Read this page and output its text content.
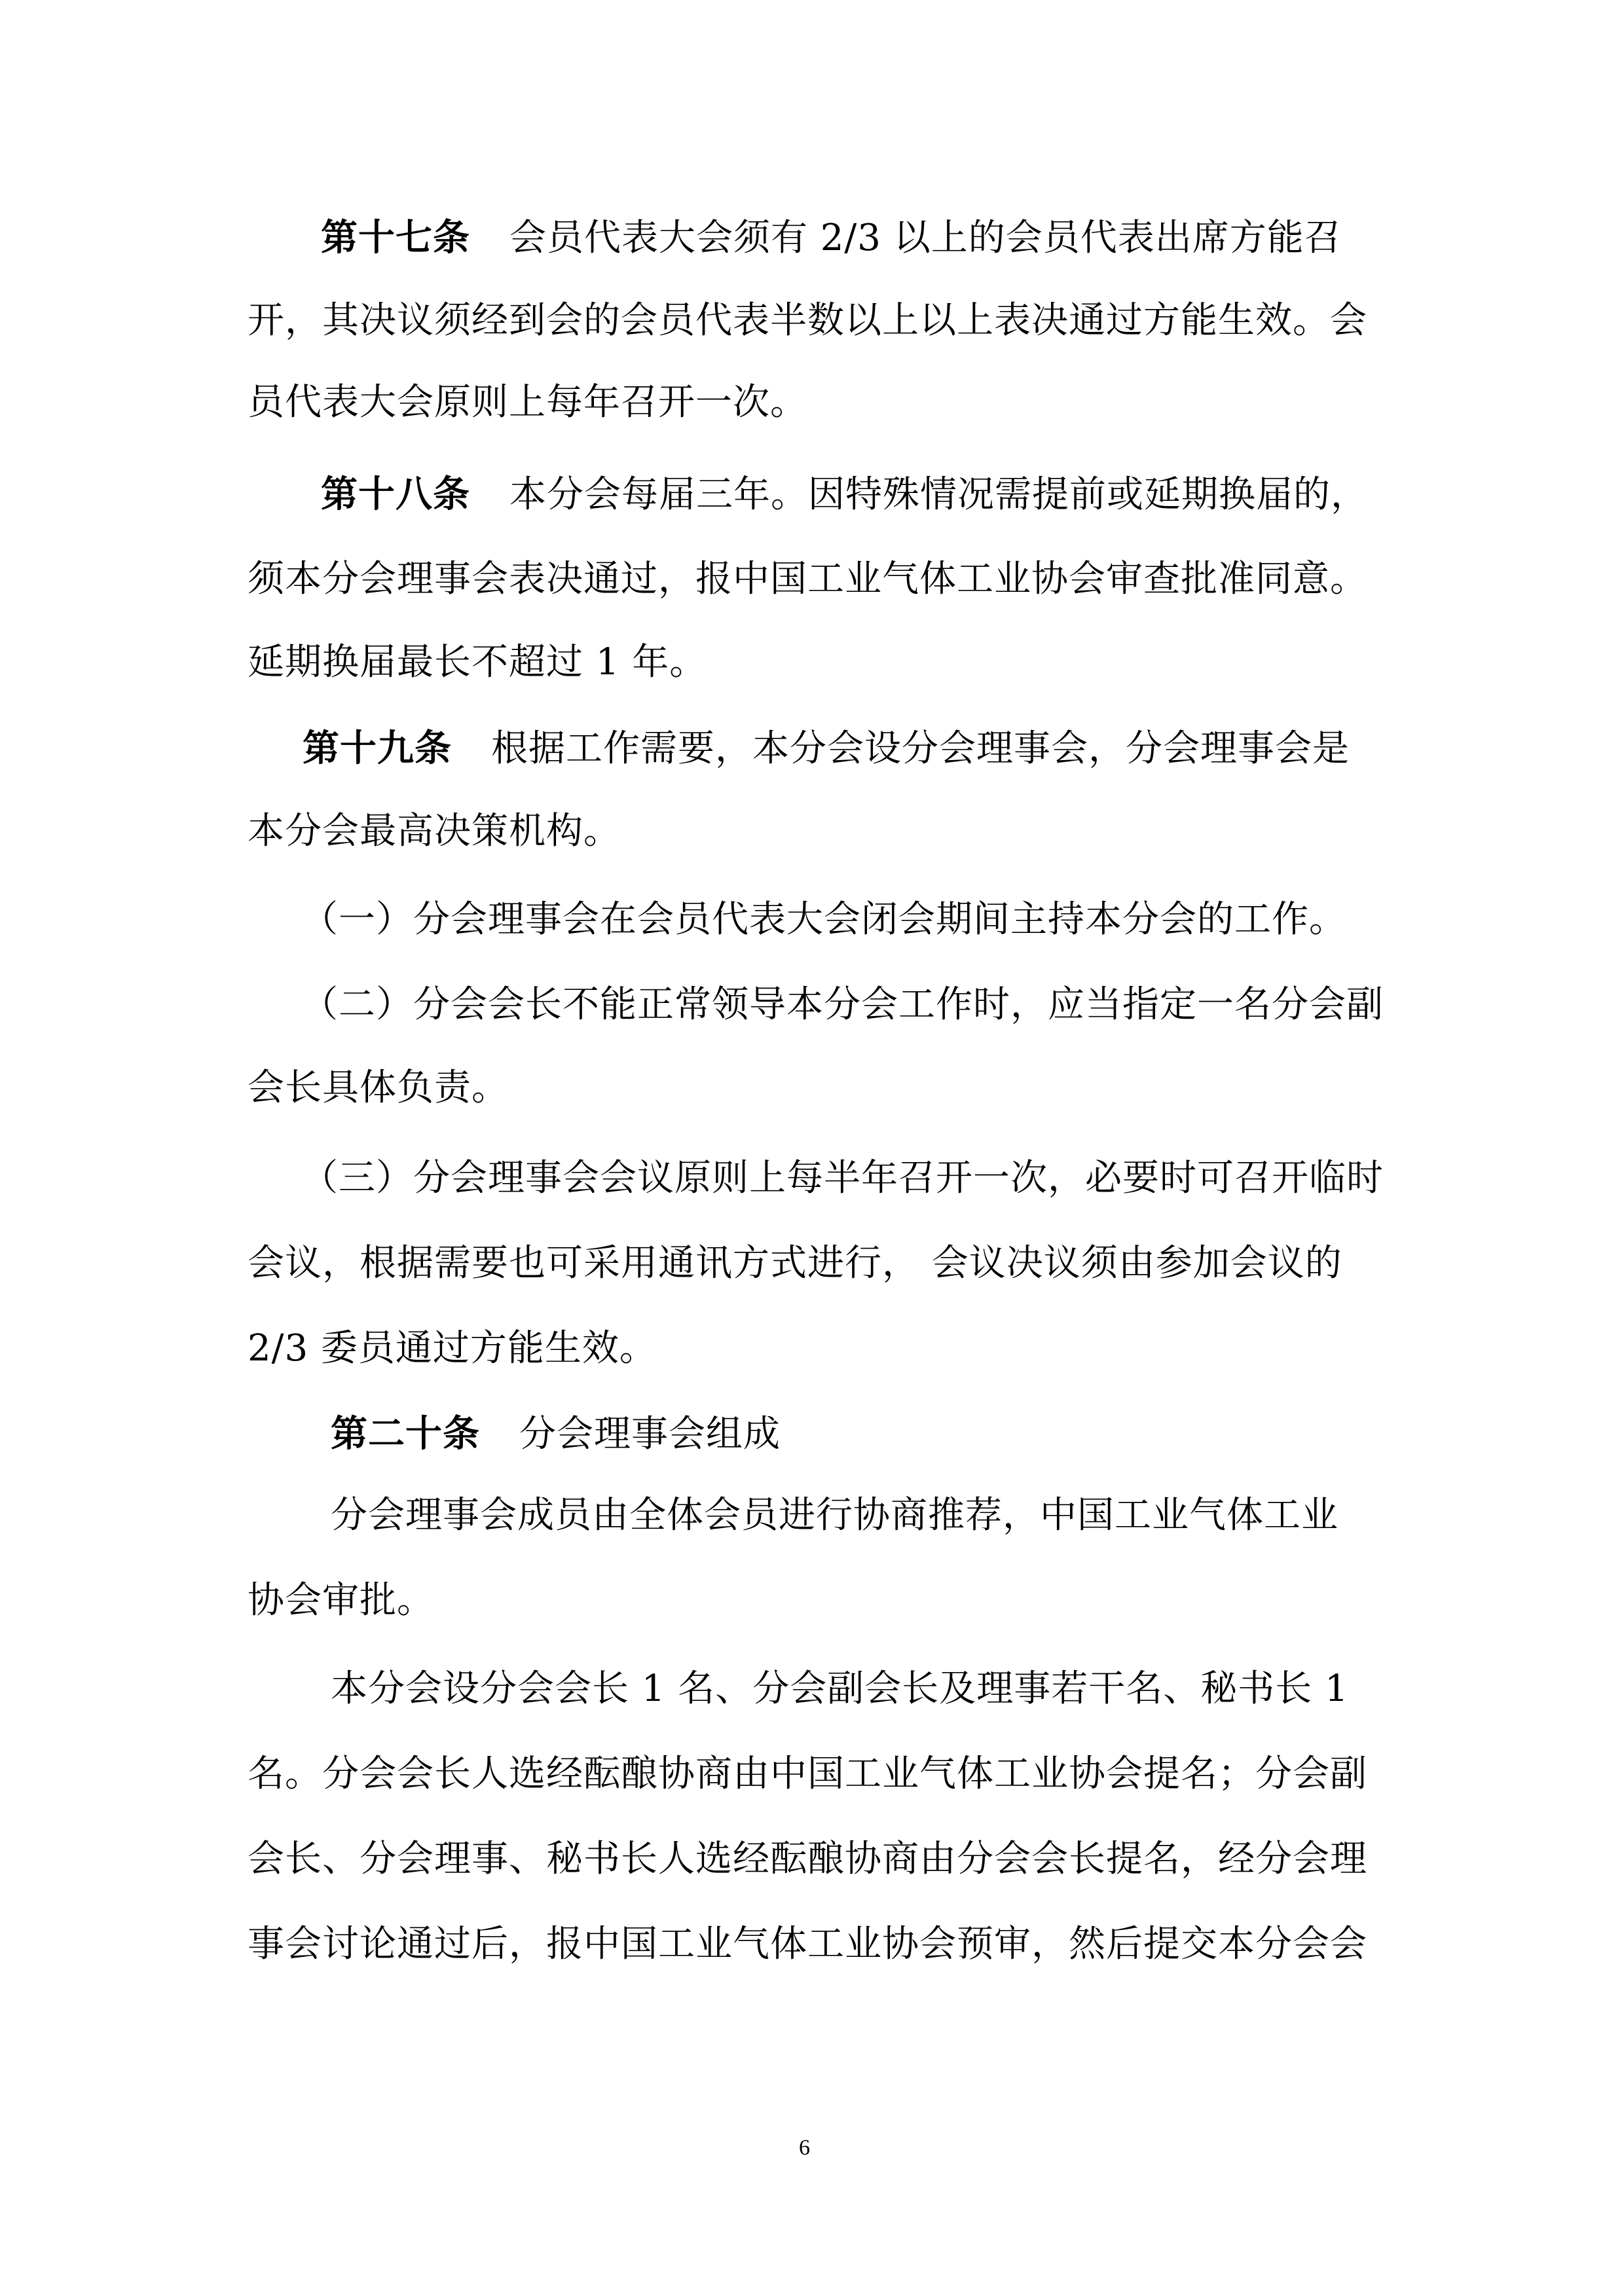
第十七条 会员代表大会须有 2/3 以上的会员代表出席方能召
开，其决议须经到会的会员代表半数以上以上表决通过方能生效。会
员代表大会原则上每年召开一次。
第十八条 本分会每届三年。因特殊情况需提前或延期换届的，
须本分会理事会表决通过，报中国工业气体工业协会审查批准同意。
延期换届最长不超过 1 年。
第十九条 根据工作需要，本分会设分会理事会，分会理事会是
本分会最高决策机构。
（一）分会理事会在会员代表大会闭会期间主持本分会的工作。
（二）分会会长不能正常领导本分会工作时，应当指定一名分会副
会长具体负责。
（三）分会理事会会议原则上每半年召开一次，必要时可召开临时
会议，根据需要也可采用通讯方式进行， 会议决议须由参加会议的
2/3 委员通过方能生效。
第二十条 分会理事会组成
分会理事会成员由全体会员进行协商推荐，中国工业气体工业
协会审批。
本分会设分会会长 1 名、分会副会长及理事若干名、秘书长 1
名。分会会长人选经酝酿协商由中国工业气体工业协会提名；分会副
会长、分会理事、秘书长人选经酝酿协商由分会会长提名，经分会理
事会讨论通过后，报中国工业气体工业协会预审，然后提交本分会会
6
